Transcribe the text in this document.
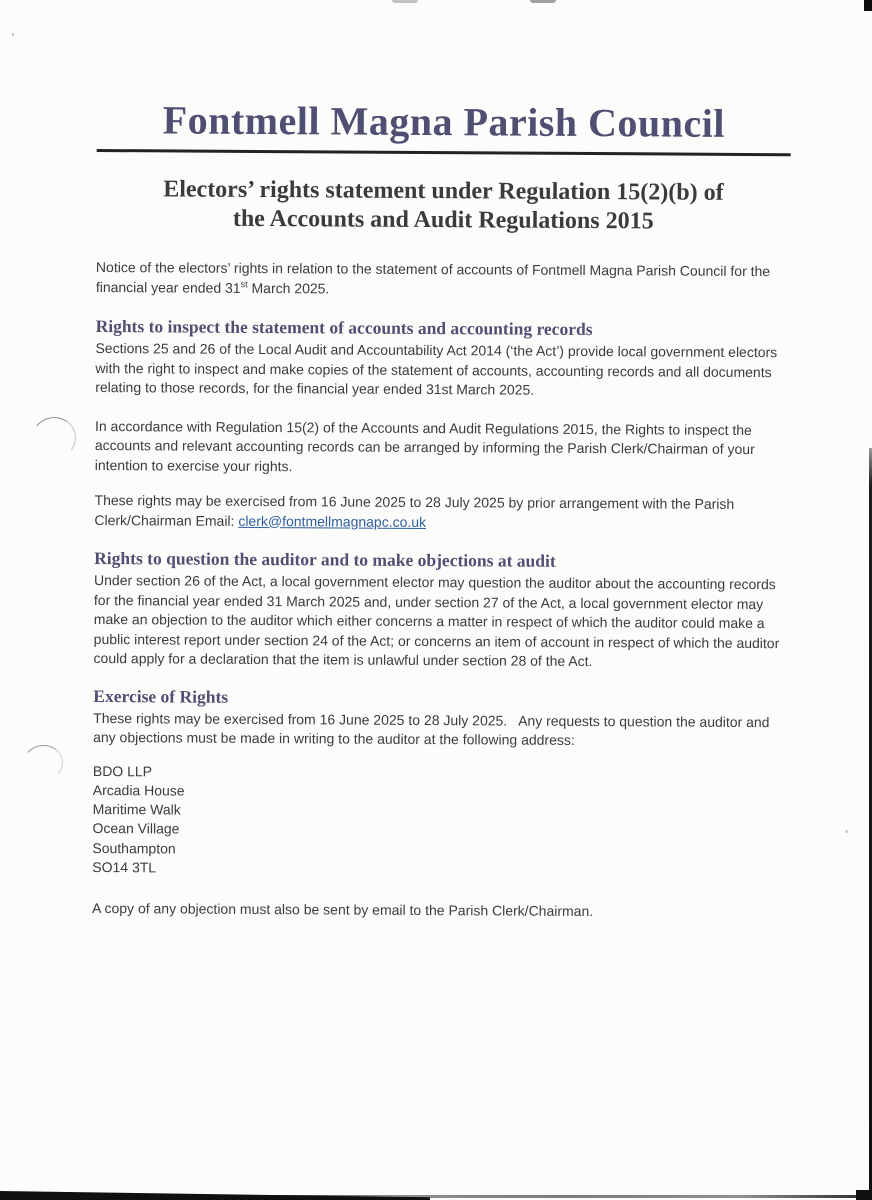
Fontmell Magna Parish Council
Electors’ rights statement under Regulation 15(2)(b) of
the Accounts and Audit Regulations 2015

Notice of the electors’ rights in relation to the statement of accounts of Fontmell Magna Parish Council for the financial year ended 31st March 2025.

Rights to inspect the statement of accounts and accounting records

Sections 25 and 26 of the Local Audit and Accountability Act 2014 (‘the Act’) provide local government electors with the right to inspect and make copies of the statement of accounts, accounting records and all documents relating to those records, for the financial year ended 31st March 2025.

In accordance with Regulation 15(2) of the Accounts and Audit Regulations 2015, the Rights to inspect the accounts and relevant accounting records can be arranged by informing the Parish Clerk/Chairman of your intention to exercise your rights.

These rights may be exercised from 16 June 2025 to 28 July 2025 by prior arrangement with the Parish Clerk/Chairman Email: clerk@fontmellmagnapc.co.uk

Rights to question the auditor and to make objections at audit

Under section 26 of the Act, a local government elector may question the auditor about the accounting records for the financial year ended 31 March 2025 and, under section 27 of the Act, a local government elector may make an objection to the auditor which either concerns a matter in respect of which the auditor could make a public interest report under section 24 of the Act; or concerns an item of account in respect of which the auditor could apply for a declaration that the item is unlawful under section 28 of the Act.

Exercise of Rights

These rights may be exercised from 16 June 2025 to 28 July 2025.   Any requests to question the auditor and any objections must be made in writing to the auditor at the following address:

BDO LLP
Arcadia House
Maritime Walk
Ocean Village
Southampton
SO14 3TL

A copy of any objection must also be sent by email to the Parish Clerk/Chairman.
